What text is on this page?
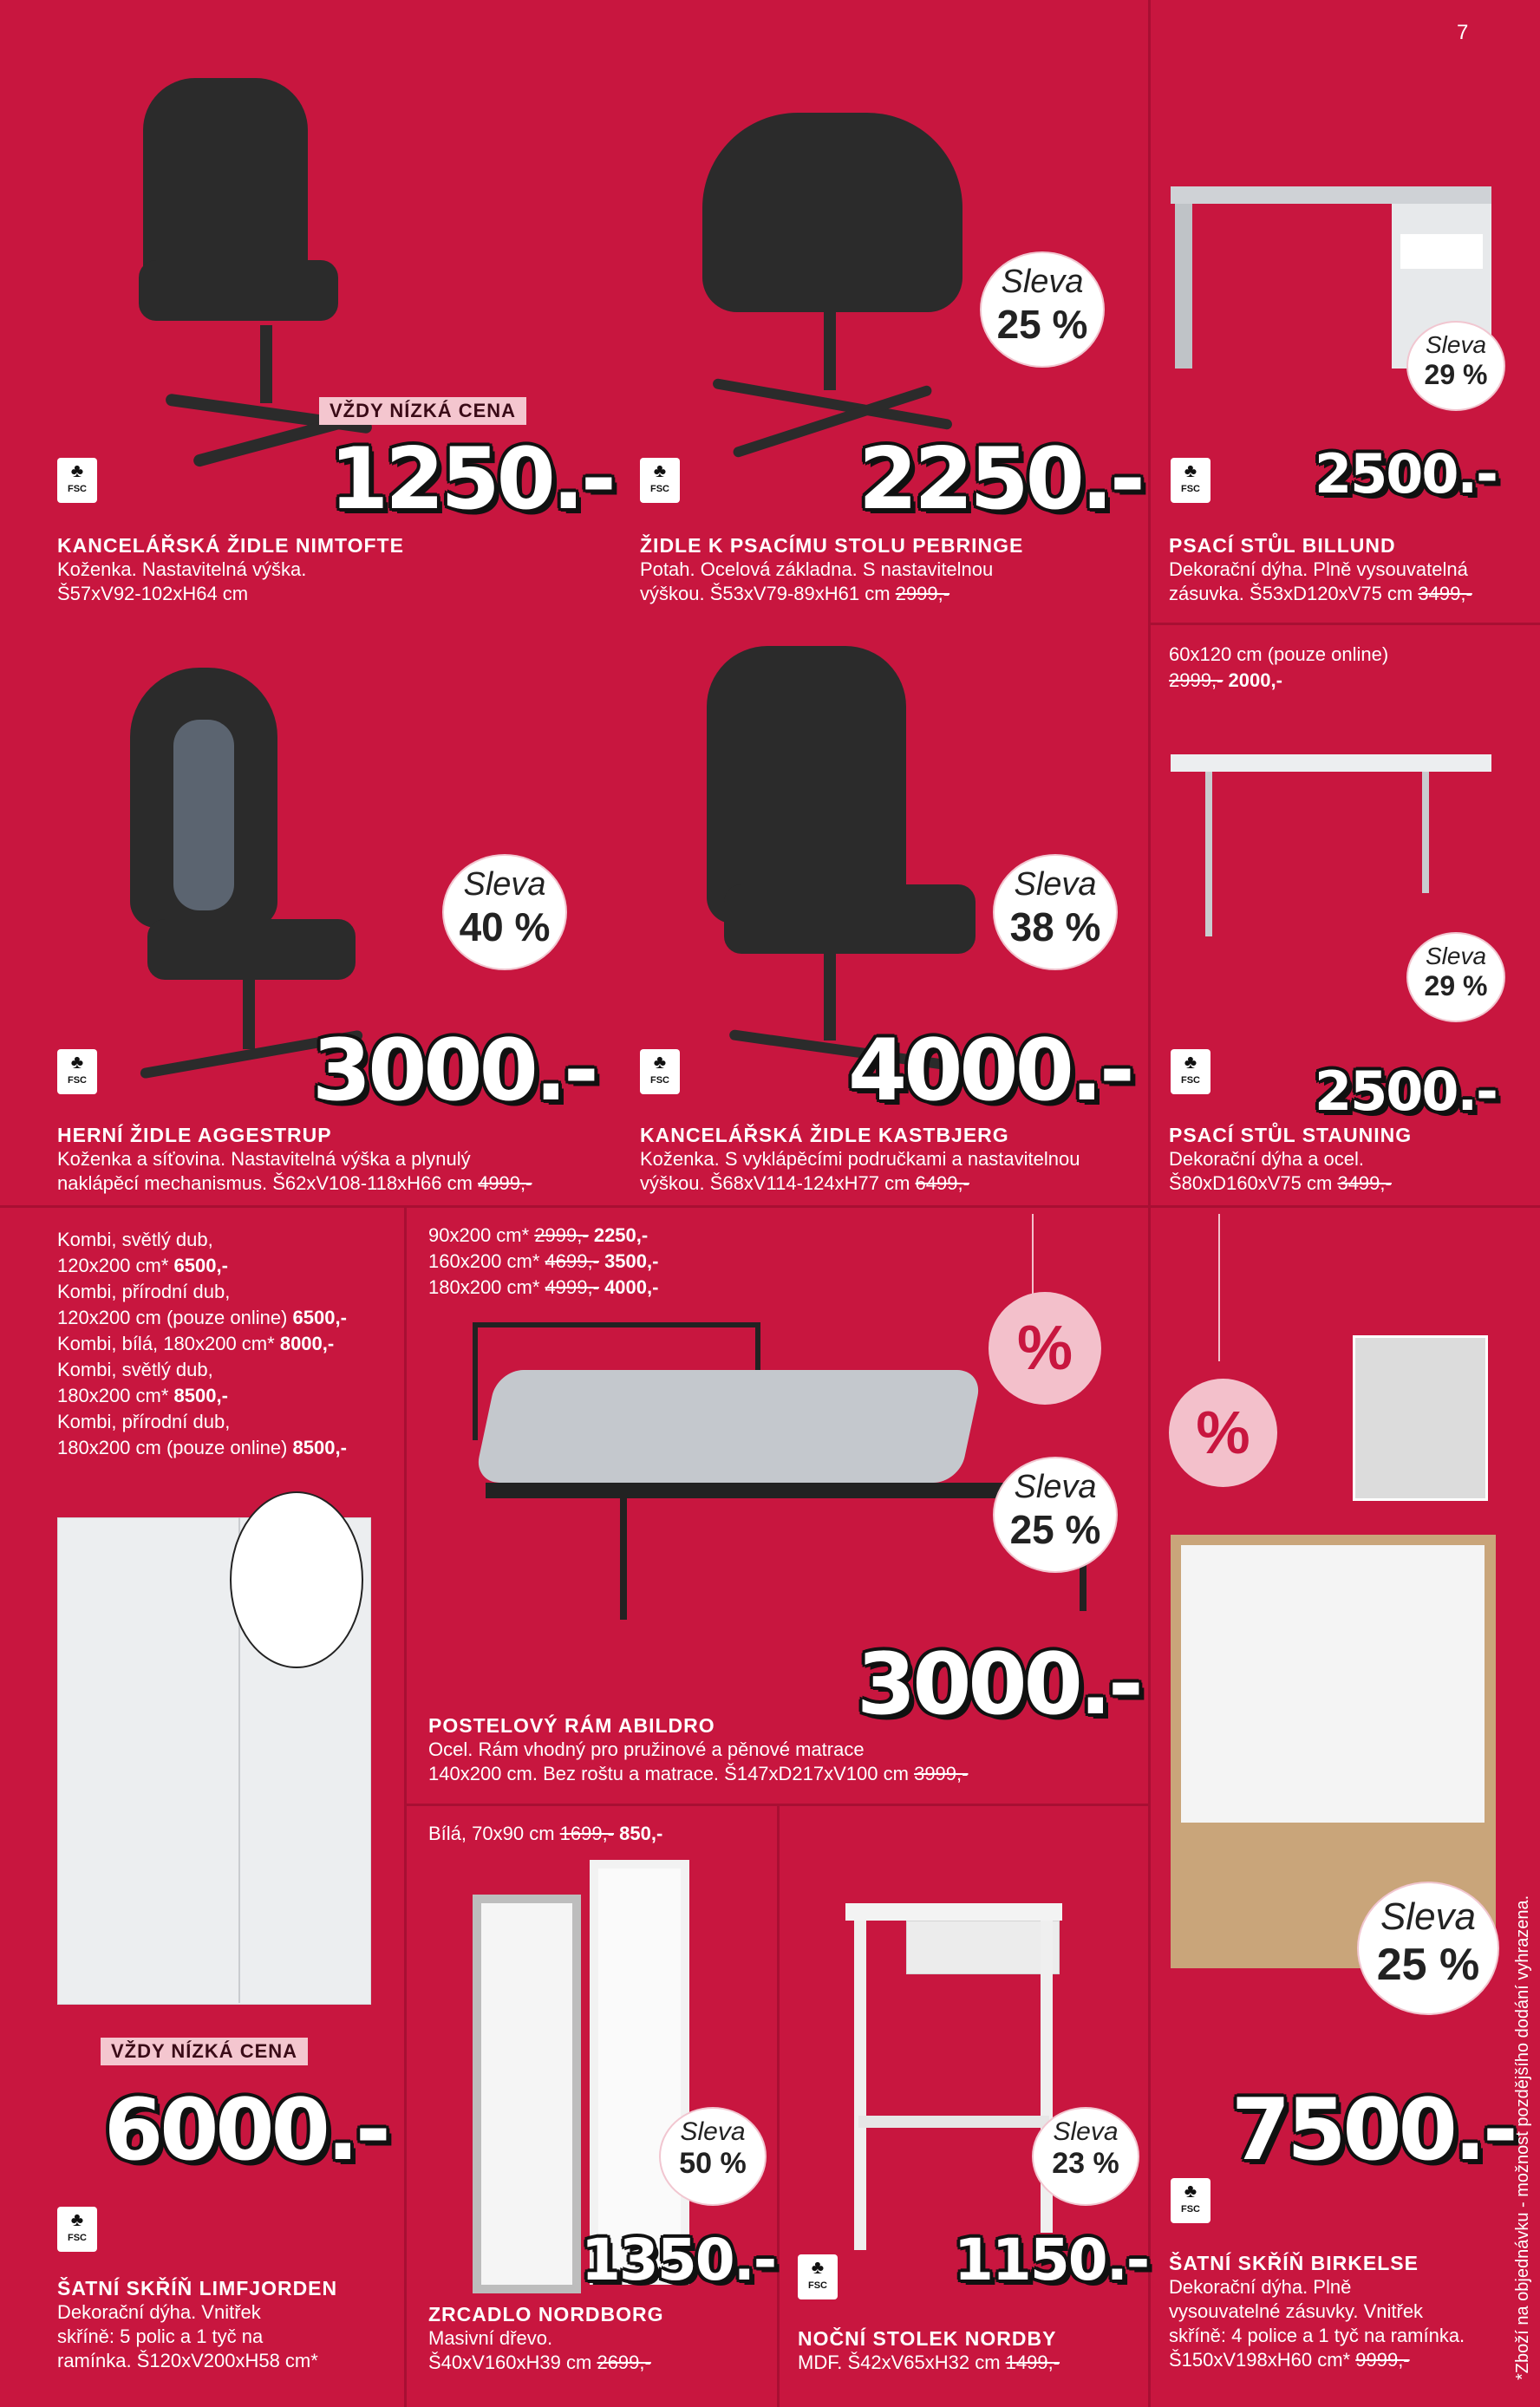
7
VŽDY NÍZKÁ CENA
♣
FSC	1250.-
KANCELÁŘSKÁ ŽIDLE NIMTOFTE
Koženka. Nastavitelná výška.
Š57xV92-102xH64 cm
Sleva
25 %
♣
FSC 2250.-
ŽIDLE K PSACÍMU STOLU PEBRINGE
Potah. Ocelová základna. S nastavitelnou
výškou. Š53xV79-89xH61 cm 2999,-
Sleva
29 %
♣
FSC 2500.-
PSACÍ STŮL BILLUND
Dekorační dýha. Plně vysouvatelná
zásuvka. Š53xD120xV75 cm 3499,-
Sleva
40 %
♣
FSC	3000.-
HERNÍ ŽIDLE AGGESTRUP
Koženka a síťovina. Nastavitelná výška a plynulý
naklápěcí mechanismus. Š62xV108-118xH66 cm 4999,-
Sleva
38 %
♣
FSC 4000.-
KANCELÁŘSKÁ ŽIDLE KASTBJERG
Koženka. S vyklápěcími područkami a nastavitelnou
výškou. Š68xV114-124xH77 cm 6499,-
60x120 cm (pouze online)
2999,- 2000,-
Sleva
29 %
♣
FSC 2500.-
PSACÍ STŮL STAUNING
Dekorační dýha a ocel.
Š80xD160xV75 cm 3499,-
Kombi, světlý dub,
120x200 cm* 6500,-
Kombi, přírodní dub,
120x200 cm (pouze online) 6500,-
Kombi, bílá, 180x200 cm* 8000,-
Kombi, světlý dub,
180x200 cm* 8500,-
Kombi, přírodní dub,
180x200 cm (pouze online) 8500,-
VŽDY NÍZKÁ CENA
6000.-
♣
FSC
ŠATNÍ SKŘÍŇ LIMFJORDEN
Dekorační dýha. Vnitřek
skříně: 5 polic a 1 tyč na
ramínka. Š120xV200xH58 cm*
90x200 cm* 2999,- 2250,-
160x200 cm* 4699,- 3500,-
180x200 cm* 4999,- 4000,-
%
Sleva
25 %
3000.-
POSTELOVÝ RÁM ABILDRO
Ocel. Rám vhodný pro pružinové a pěnové matrace
140x200 cm. Bez roštu a matrace. Š147xD217xV100 cm 3999,-
Bílá, 70x90 cm 1699,- 850,-
Sleva
50 %
1350.-
ZRCADLO NORDBORG
Masivní dřevo.
Š40xV160xH39 cm 2699,-
Sleva
23 %
♣
FSC 1150.-
NOČNÍ STOLEK NORDBY
MDF. Š42xV65xH32 cm 1499,-
%
Sleva
25 %
7500.-
♣
FSC
ŠATNÍ SKŘÍŇ BIRKELSE
Dekorační dýha. Plně
vysouvatelné zásuvky. Vnitřek
skříně: 4 police a 1 tyč na ramínka.
Š150xV198xH60 cm* 9999,-	*Zboží na objednávku - možnost pozdějšího dodání vyhrazena.
